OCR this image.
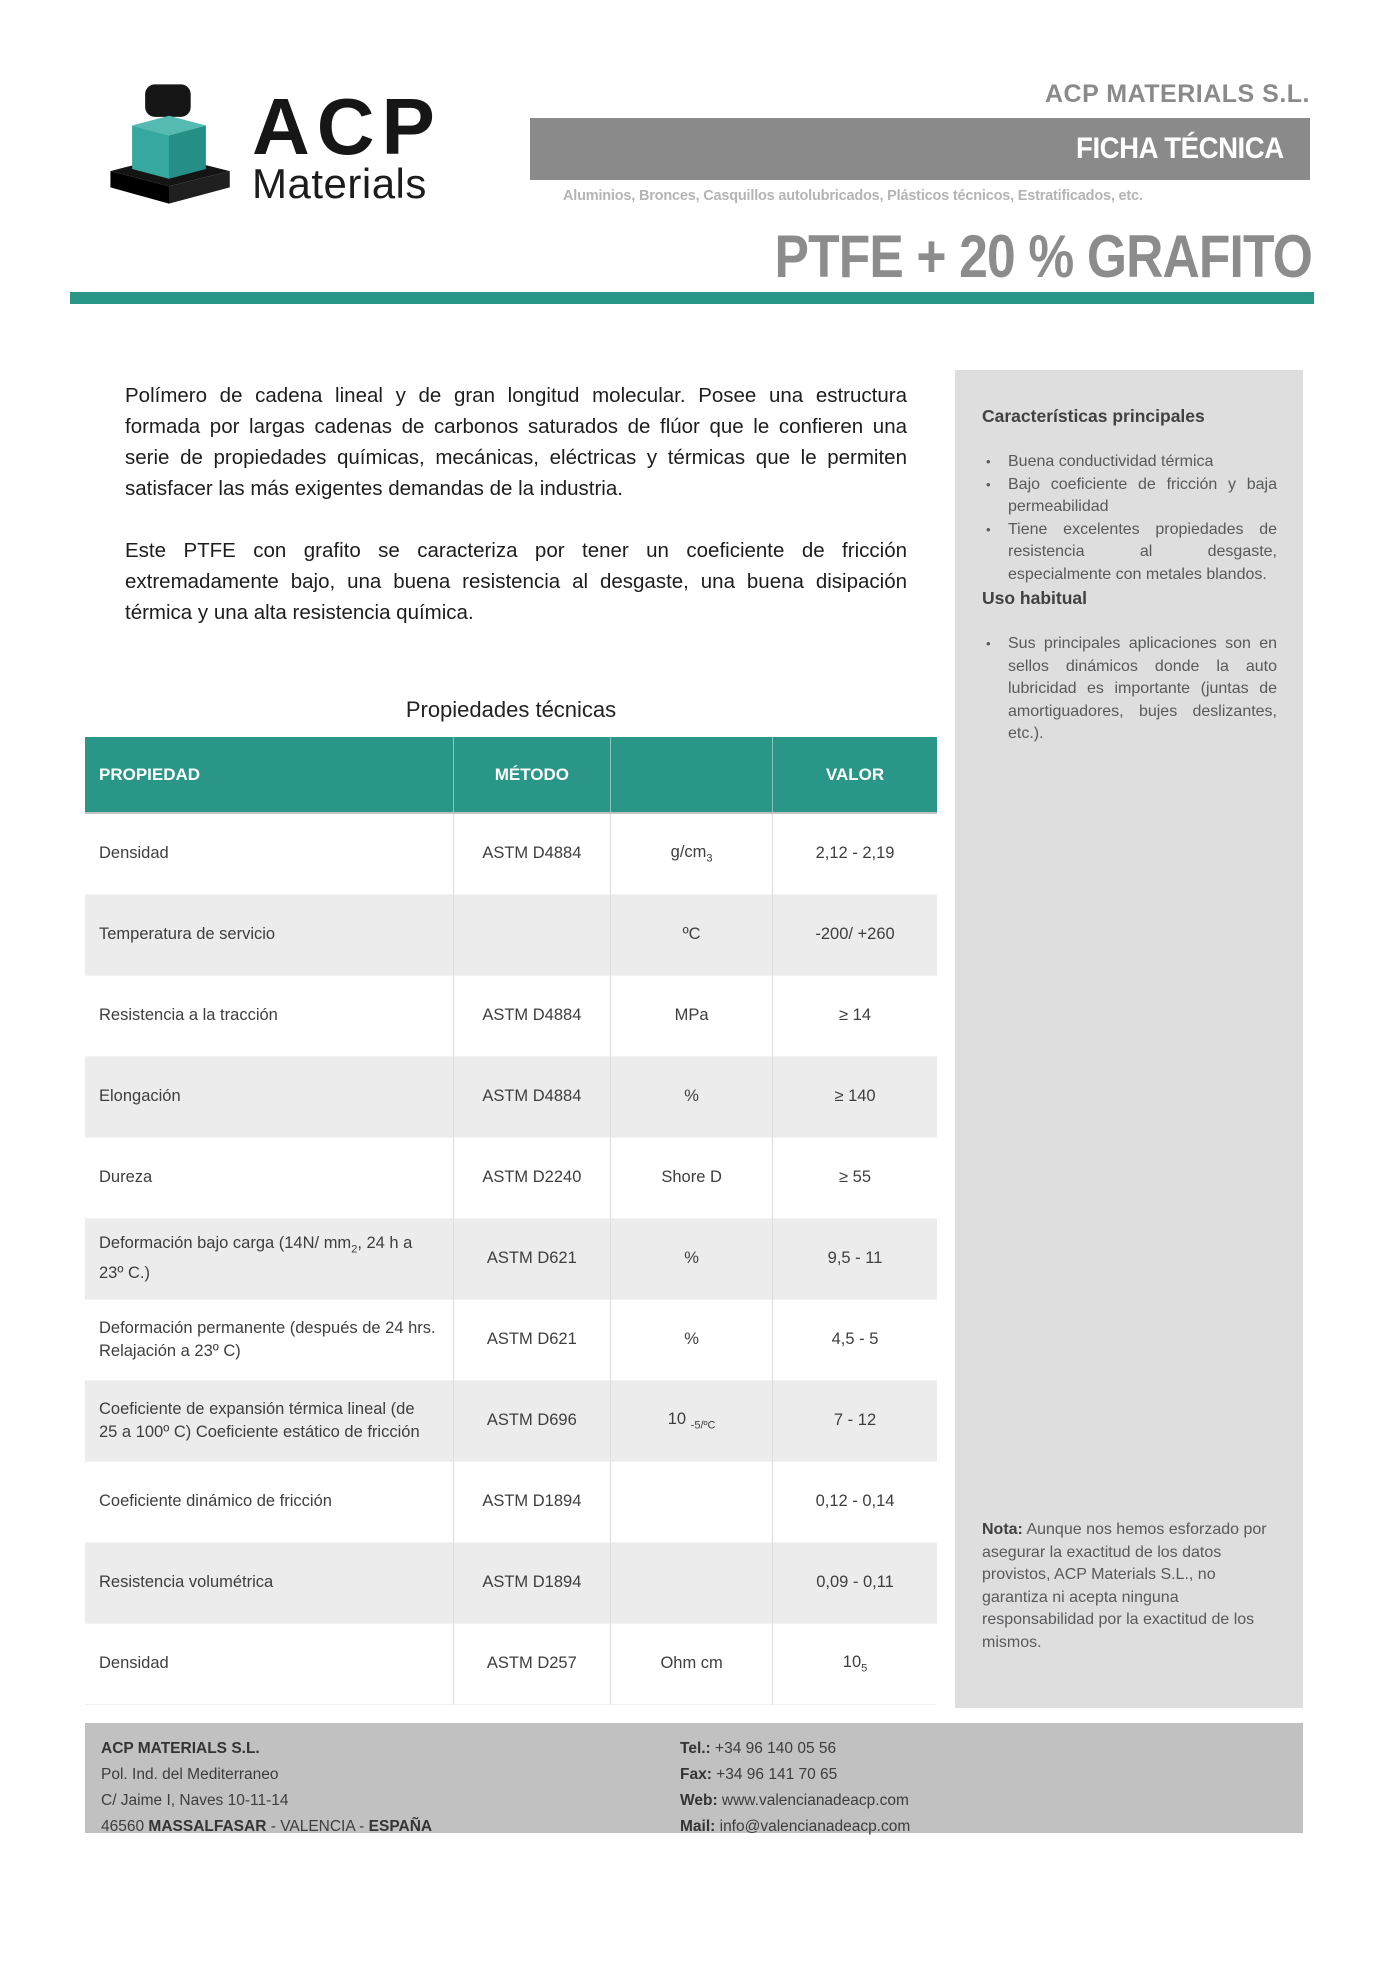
ACP MATERIALS S.L.
ACP
Materials
FICHA TÉCNICA
Aluminios, Bronces, Casquillos autolubricados, Plásticos técnicos, Estratificados, etc.
PTFE + 20 % GRAFITO

Polímero de cadena lineal y de gran longitud molecular. Posee una estructura formada por largas cadenas de carbonos saturados de flúor que le confieren una serie de propiedades químicas, mecánicas, eléctricas y térmicas que le permiten satisfacer las más exigentes demandas de la industria.

Este PTFE con grafito se caracteriza por tener un coeficiente de fricción extremadamente bajo, una buena resistencia al desgaste, una buena disipación térmica y una alta resistencia química.

Características principales
• Buena conductividad térmica
• Bajo coeficiente de fricción y baja permeabilidad
• Tiene excelentes propiedades de resistencia al desgaste, especialmente con metales blandos.
Uso habitual
• Sus principales aplicaciones son en sellos dinámicos donde la auto lubricidad es importante (juntas de amortiguadores, bujes deslizantes, etc.).
Nota: Aunque nos hemos esforzado por asegurar la exactitud de los datos provistos, ACP Materials S.L., no garantiza ni acepta ninguna responsabilidad por la exactitud de los mismos.
Propiedades técnicas
PROPIEDAD	MÉTODO		VALOR
Densidad	ASTM D4884	$g/cm_3$	2,12 - 2,19
Temperatura de servicio		ºC	-200/ +260
Resistencia a la tracción	ASTM D4884	MPa	≥ 14
Elongación	ASTM D4884	%	≥ 140
Dureza	ASTM D2240	Shore D	≥ 55
Deformación bajo carga (14N/ $mm_2$, 24 h a 23º C.)	ASTM D621	%	9,5 - 11
Deformación permanente (después de 24 hrs. Relajación a 23º C)	ASTM D621	%	4,5 - 5
Coeficiente de expansión térmica lineal (de 25 a 100º C) Coeficiente estático de fricción	ASTM D696	10 $_{-5/ºC}$	7 - 12
Coeficiente dinámico de fricción	ASTM D1894		0,12 - 0,14
Resistencia volumétrica	ASTM D1894		0,09 - 0,11
Densidad	ASTM D257	Ohm cm	$10_5$
ACP MATERIALS S.L.
Pol. Ind. del Mediterraneo
C/ Jaime I, Naves 10-11-14
46560 MASSALFASAR - VALENCIA - ESPAÑA
Tel.: +34 96 140 05 56
Fax: +34 96 141 70 65
Web: www.valencianadeacp.com
Mail: info@valencianadeacp.com
